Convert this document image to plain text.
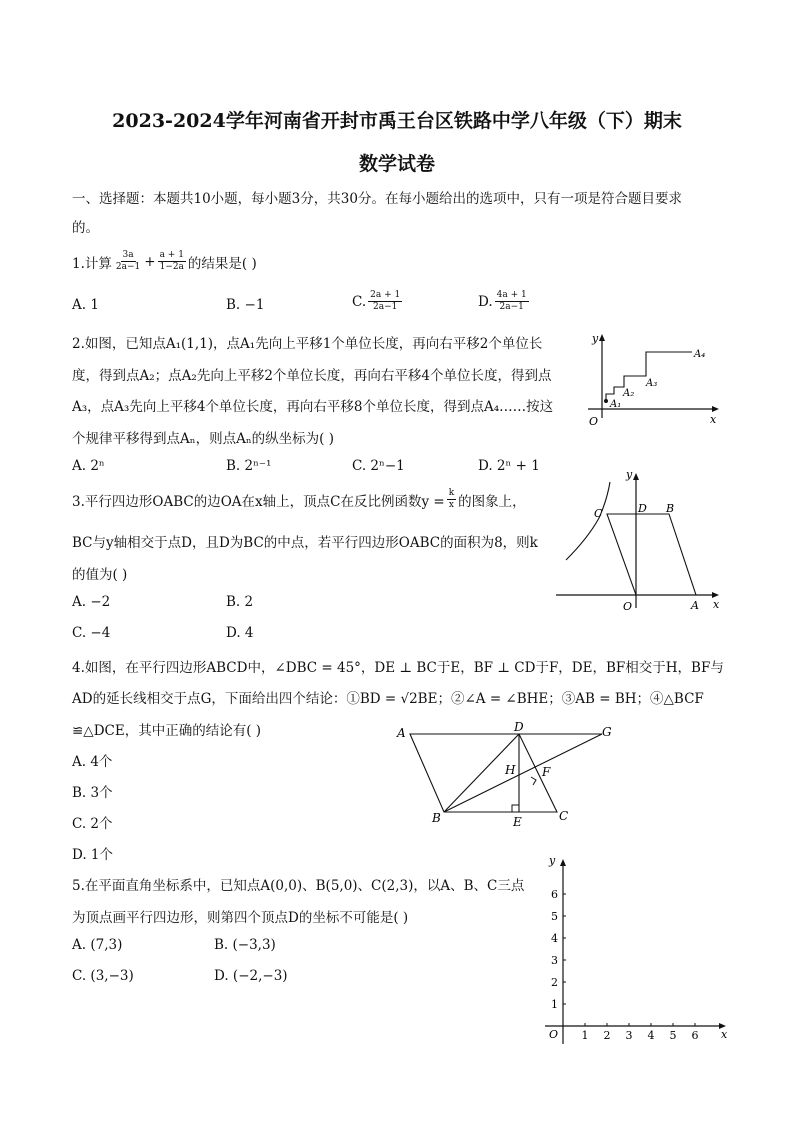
2023-2024学年河南省开封市禹王台区铁路中学八年级（下）期末
数学试卷
一、选择题：本题共10小题，每小题3分，共30分。在每小题给出的选项中，只有一项是符合题目要求
的。
1.计算 $\frac{3a}{2a-1} + \frac{a + 1}{1-2a}$ 的结果是( )
A. 1	B. −1	C. $\frac{2a + 1}{2a-1}$	D. $\frac{4a + 1}{2a-1}$
2.如图，已知点A₁(1,1)，点A₁先向上平移1个单位长度，再向右平移2个单位长
度，得到点A₂；点A₂先向上平移2个单位长度，再向右平移4个单位长度，得到点
A₃，点A₃先向上平移4个单位长度，再向右平移8个单位长度，得到点A₄……按这
个规律平移得到点Aₙ，则点Aₙ的纵坐标为( )
A. 2ⁿ	B. 2ⁿ⁻¹	C. 2ⁿ−1	D. 2ⁿ + 1
y
x
O
A₁
A₂
A₃
A₄
3.平行四边形OABC的边OA在x轴上，顶点C在反比例函数$y = \frac{k}{x}$ 的图象上，
BC与y轴相交于点D，且D为BC的中点，若平行四边形OABC的面积为8，则k
的值为( )
A. −2	B. 2
C. −4	D. 4
y
x
O	A
B
C	D
4.如图，在平行四边形ABCD中，∠DBC = 45°，DE ⊥ BC于E，BF ⊥ CD于F，DE，BF相交于H，BF与
AD的延长线相交于点G，下面给出四个结论：①BD = √2BE；②∠A = ∠BHE；③AB = BH；④△BCF
≌△DCE，其中正确的结论有( )
A. 4个
B. 3个
C. 2个
D. 1个
A	D	G
H F
B	E	C
5.在平面直角坐标系中，已知点A(0,0)、B(5,0)、C(2,3)，以A、B、C三点
为顶点画平行四边形，则第四个顶点D的坐标不可能是( )
A. (7,3)	B. (−3,3)
C. (3,−3)	D. (−2,−3)
y
x
O 1 2 3 4 5 6
1
2
3
4
5
6
